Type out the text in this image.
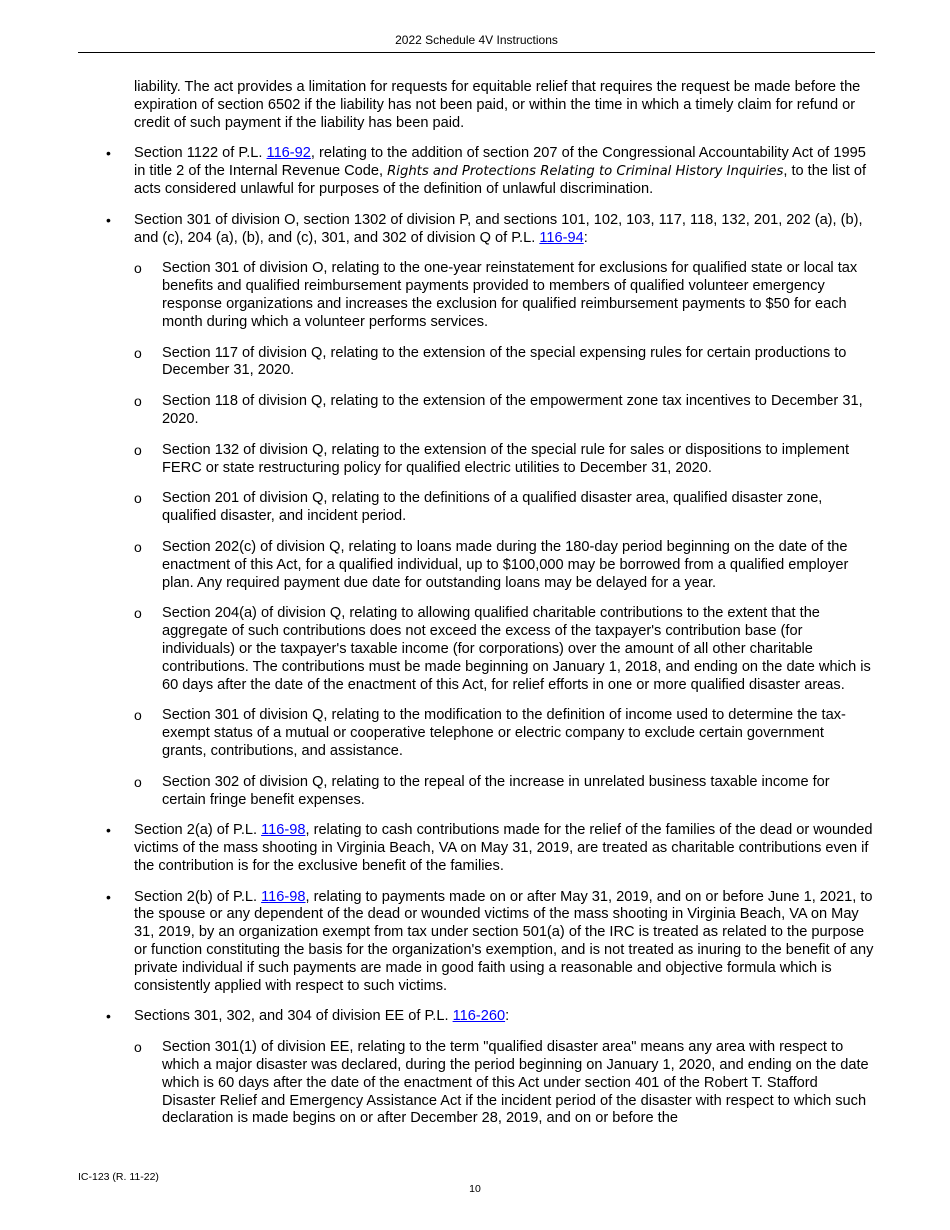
2022 Schedule 4V Instructions

liability. The act provides a limitation for requests for equitable relief that requires the request be made before the expiration of section 6502 if the liability has not been paid, or within the time in which a timely claim for refund or credit of such payment if the liability has been paid.

• Section 1122 of P.L. 116-92, relating to the addition of section 207 of the Congressional Accountability Act of 1995 in title 2 of the Internal Revenue Code, Rights and Protections Relating to Criminal History Inquiries, to the list of acts considered unlawful for purposes of the definition of unlawful discrimination.
• Section 301 of division O, section 1302 of division P, and sections 101, 102, 103, 117, 118, 132, 201, 202 (a), (b), and (c), 204 (a), (b), and (c), 301, and 302 of division Q of P.L. 116-94:
o Section 301 of division O, relating to the one-year reinstatement for exclusions for qualified state or local tax benefits and qualified reimbursement payments provided to members of qualified volunteer emergency response organizations and increases the exclusion for qualified reimbursement payments to $50 for each month during which a volunteer performs services.
o Section 117 of division Q, relating to the extension of the special expensing rules for certain productions to December 31, 2020.
o Section 118 of division Q, relating to the extension of the empowerment zone tax incentives to December 31, 2020.
o Section 132 of division Q, relating to the extension of the special rule for sales or dispositions to implement FERC or state restructuring policy for qualified electric utilities to December 31, 2020.
o Section 201 of division Q, relating to the definitions of a qualified disaster area, qualified disaster zone, qualified disaster, and incident period.
o Section 202(c) of division Q, relating to loans made during the 180-day period beginning on the date of the enactment of this Act, for a qualified individual, up to $100,000 may be borrowed from a qualified employer plan. Any required payment due date for outstanding loans may be delayed for a year.
o Section 204(a) of division Q, relating to allowing qualified charitable contributions to the extent that the aggregate of such contributions does not exceed the excess of the taxpayer's contribution base (for individuals) or the taxpayer's taxable income (for corporations) over the amount of all other charitable contributions. The contributions must be made beginning on January 1, 2018, and ending on the date which is 60 days after the date of the enactment of this Act, for relief efforts in one or more qualified disaster areas.
o Section 301 of division Q, relating to the modification to the definition of income used to determine the tax-exempt status of a mutual or cooperative telephone or electric company to exclude certain government grants, contributions, and assistance.
o Section 302 of division Q, relating to the repeal of the increase in unrelated business taxable income for certain fringe benefit expenses.
• Section 2(a) of P.L. 116-98, relating to cash contributions made for the relief of the families of the dead or wounded victims of the mass shooting in Virginia Beach, VA on May 31, 2019, are treated as charitable contributions even if the contribution is for the exclusive benefit of the families.
• Section 2(b) of P.L. 116-98, relating to payments made on or after May 31, 2019, and on or before June 1, 2021, to the spouse or any dependent of the dead or wounded victims of the mass shooting in Virginia Beach, VA on May 31, 2019, by an organization exempt from tax under section 501(a) of the IRC is treated as related to the purpose or function constituting the basis for the organization's exemption, and is not treated as inuring to the benefit of any private individual if such payments are made in good faith using a reasonable and objective formula which is consistently applied with respect to such victims.
• Sections 301, 302, and 304 of division EE of P.L. 116-260:
o Section 301(1) of division EE, relating to the term "qualified disaster area" means any area with respect to which a major disaster was declared, during the period beginning on January 1, 2020, and ending on the date which is 60 days after the date of the enactment of this Act under section 401 of the Robert T. Stafford Disaster Relief and Emergency Assistance Act if the incident period of the disaster with respect to which such declaration is made begins on or after December 28, 2019, and on or before the
IC-123 (R. 11-22)
10
